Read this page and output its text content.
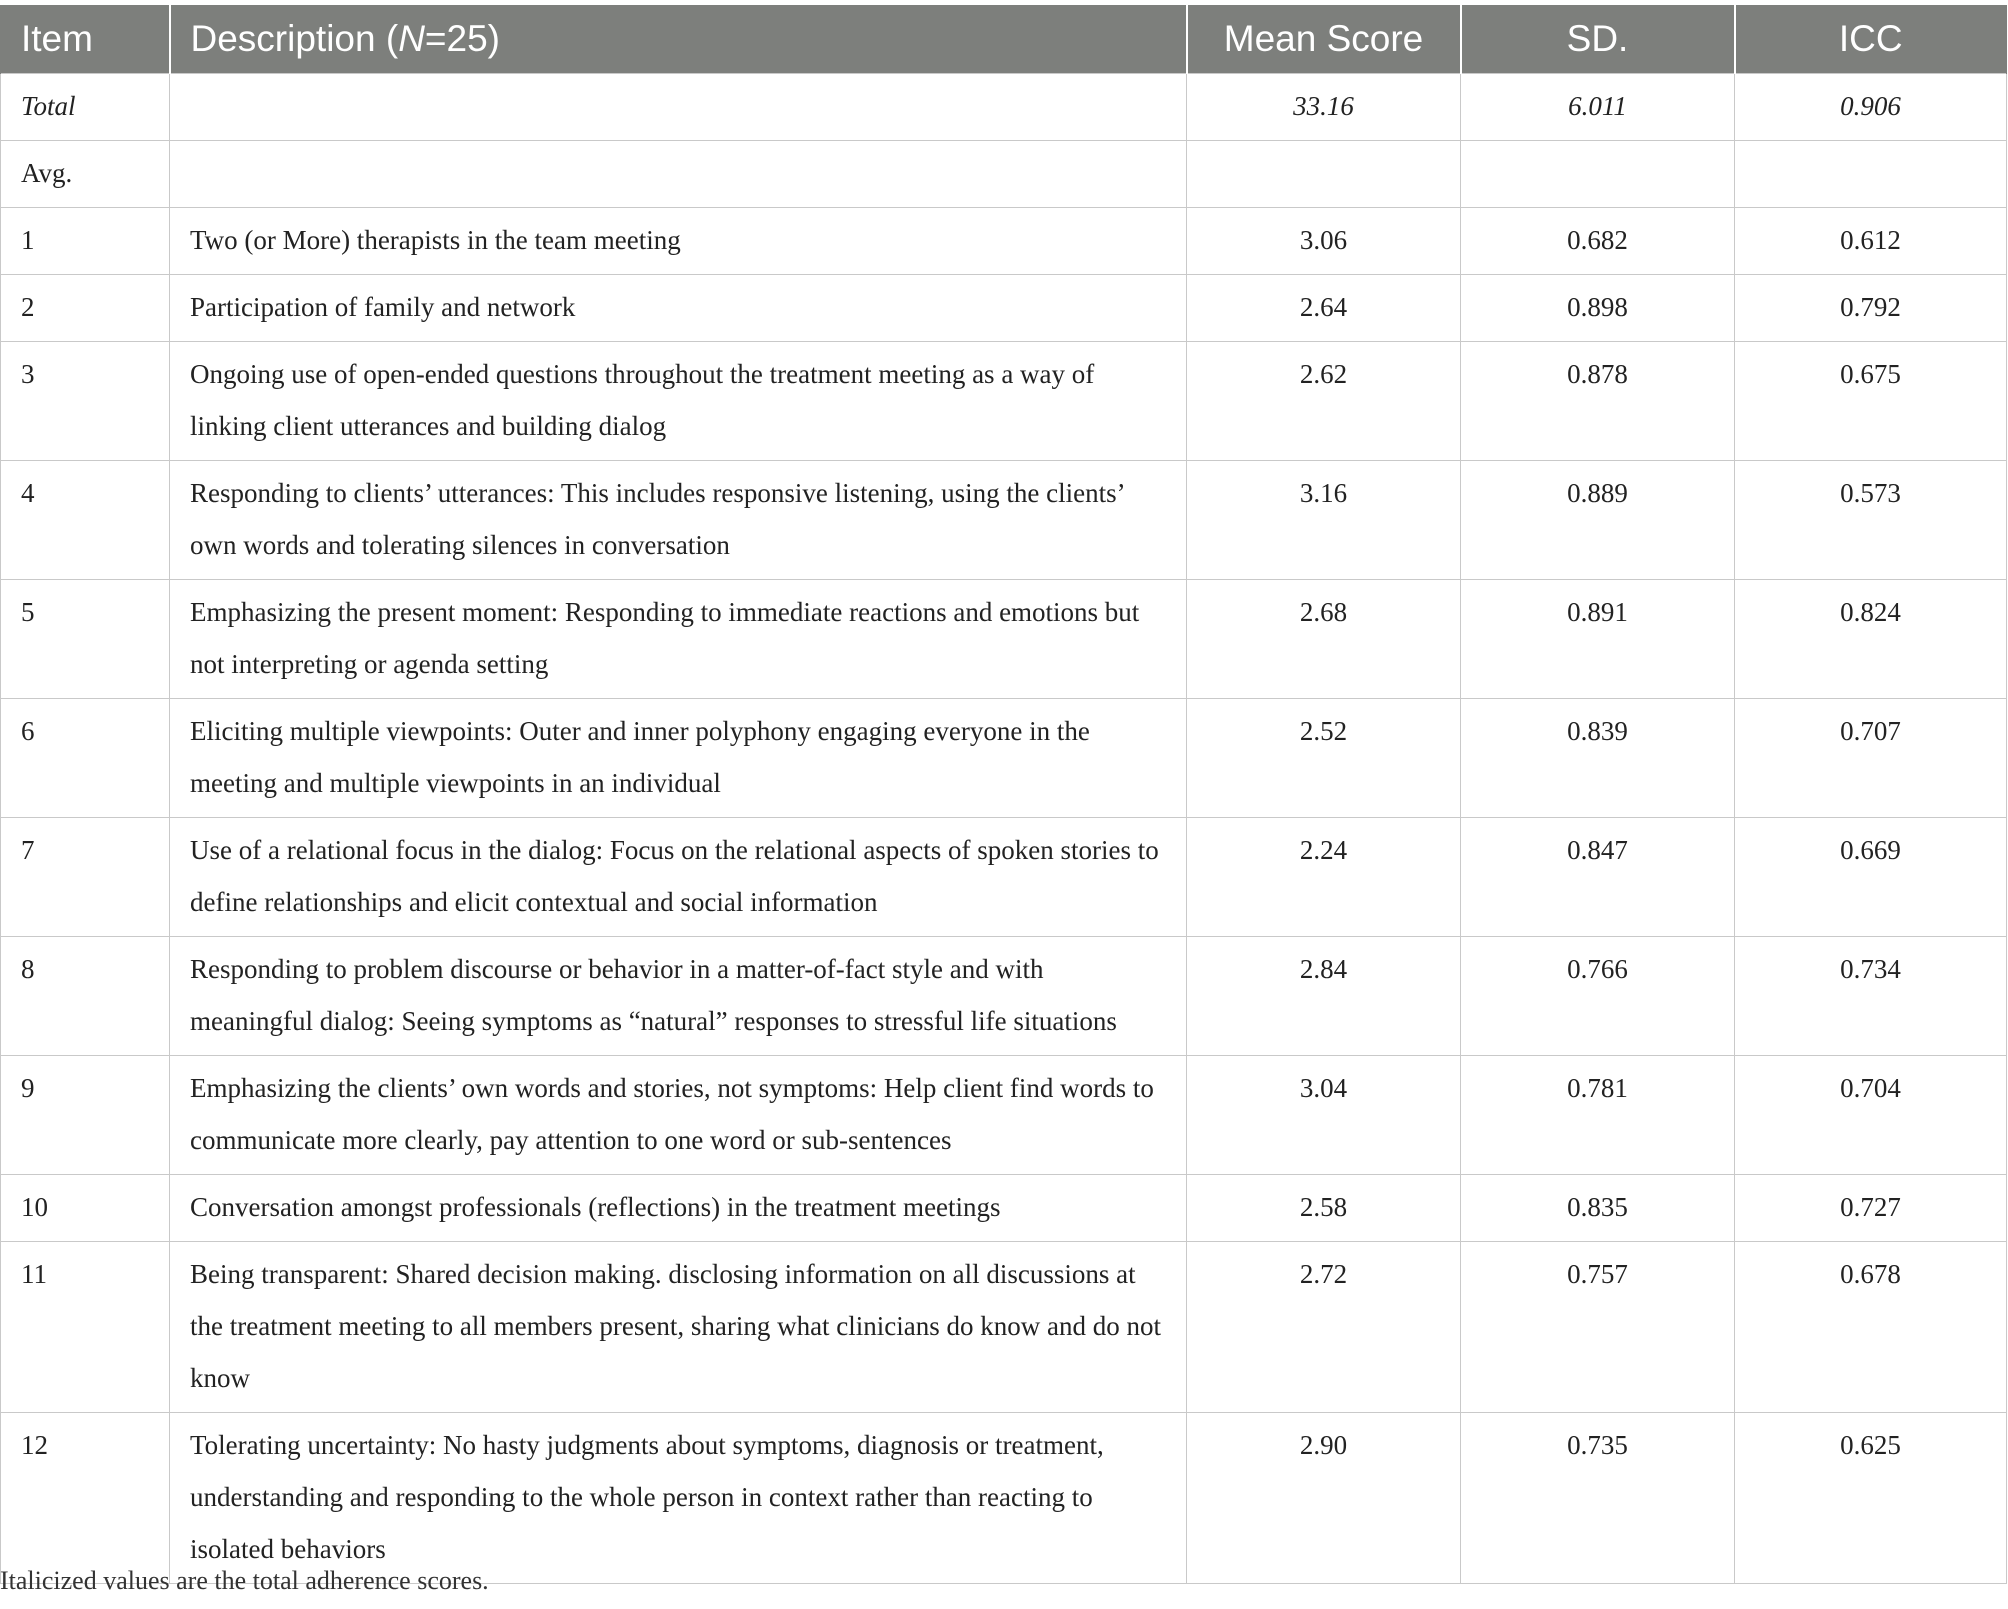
Item	Description (N=25)	Mean Score	SD.	ICC
Total		33.16	6.011	0.906
Avg.				
1	Two (or More) therapists in the team meeting	3.06	0.682	0.612
2	Participation of family and network	2.64	0.898	0.792
3	Ongoing use of open-ended questions throughout the treatment meeting as a way of linking client utterances and building dialog	2.62	0.878	0.675
4	Responding to clients’ utterances: This includes responsive listening, using the clients’ own words and tolerating silences in conversation	3.16	0.889	0.573
5	Emphasizing the present moment: Responding to immediate reactions and emotions but not interpreting or agenda setting	2.68	0.891	0.824
6	Eliciting multiple viewpoints: Outer and inner polyphony engaging everyone in the meeting and multiple viewpoints in an individual	2.52	0.839	0.707
7	Use of a relational focus in the dialog: Focus on the relational aspects of spoken stories to define relationships and elicit contextual and social information	2.24	0.847	0.669
8	Responding to problem discourse or behavior in a matter-of-fact style and with meaningful dialog: Seeing symptoms as “natural” responses to stressful life situations	2.84	0.766	0.734
9	Emphasizing the clients’ own words and stories, not symptoms: Help client find words to communicate more clearly, pay attention to one word or sub-sentences	3.04	0.781	0.704
10	Conversation amongst professionals (reflections) in the treatment meetings	2.58	0.835	0.727
11	Being transparent: Shared decision making. disclosing information on all discussions at the treatment meeting to all members present, sharing what clinicians do know and do not know	2.72	0.757	0.678
12	Tolerating uncertainty: No hasty judgments about symptoms, diagnosis or treatment, understanding and responding to the whole person in context rather than reacting to isolated behaviors	2.90	0.735	0.625
Italicized values are the total adherence scores.
